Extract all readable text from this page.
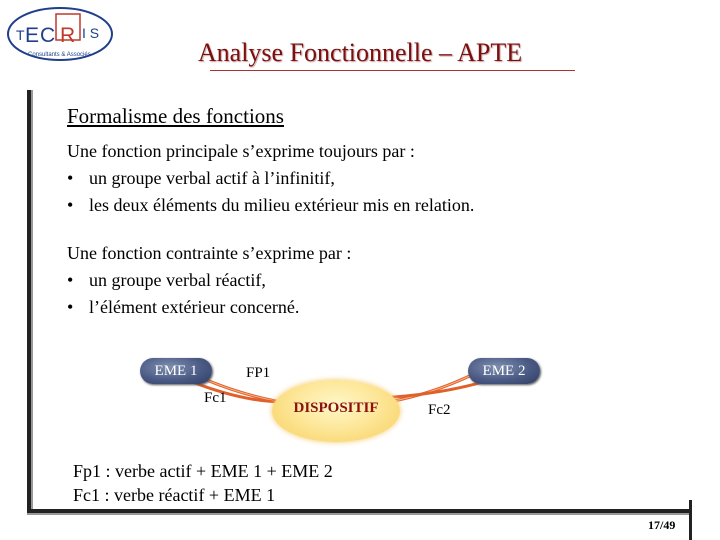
T E C R I S
Consultants & Associés	Analyse Fonctionnelle – APTE
Formalisme des fonctions
Une fonction principale s’exprime toujours par :
• un groupe verbal actif à l’infinitif,
• les deux éléments du milieu extérieur mis en relation.
Une fonction contrainte s’exprime par :
• un groupe verbal réactif,
• l’élément extérieur concerné.
DISPOSITIF
EME 1	EME 2
FP1
Fc1
Fc2
Fp1 : verbe actif + EME 1 + EME 2
Fc1 : verbe réactif + EME 1
17/49
